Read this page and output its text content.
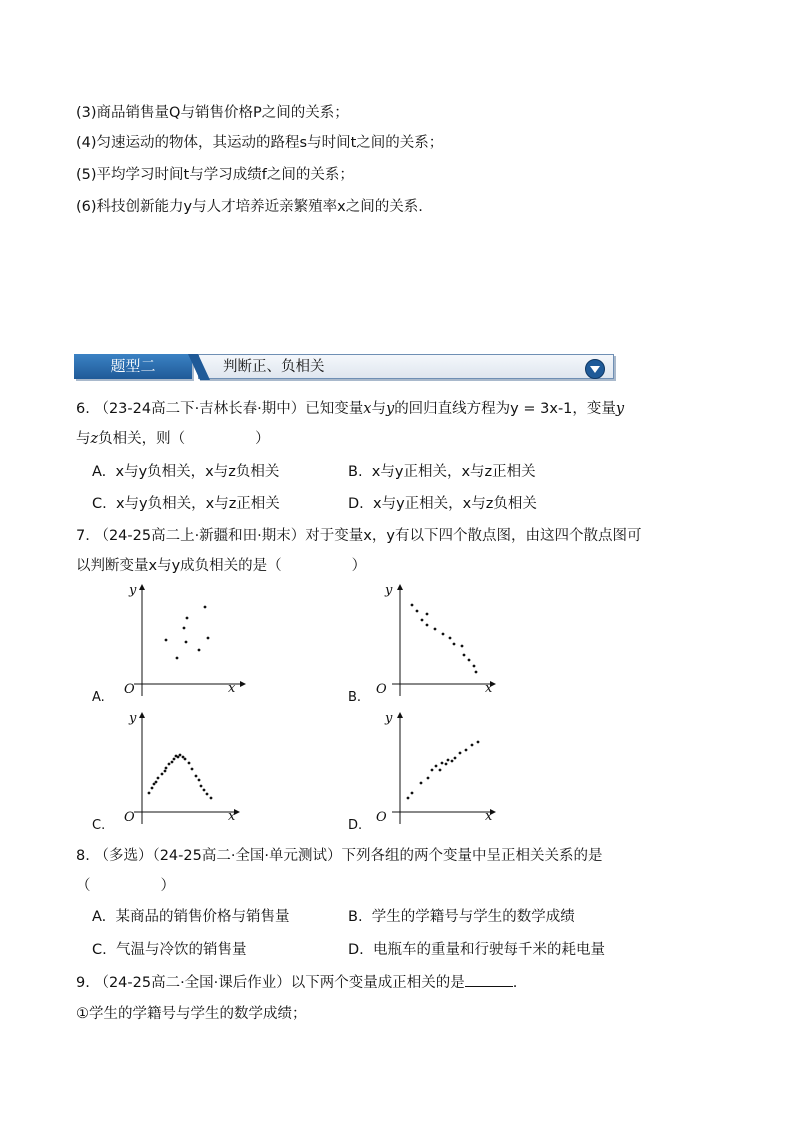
(3)商品销售量Q与销售价格P之间的关系；
(4)匀速运动的物体，其运动的路程s与时间t之间的关系；
(5)平均学习时间t与学习成绩f之间的关系；
(6)科技创新能力y与人才培养近亲繁殖率x之间的关系.
判断正、负相关
题型二
6. （23-24高二下·吉林长春·期中）已知变量x与y的回归直线方程为y = 3x-1，变量y
与z负相关，则（	）
A. x与y负相关，x与z负相关	B. x与y正相关，x与z正相关
C. x与y负相关，x与z正相关	D. x与y正相关，x与z负相关
7. （24-25高二上·新疆和田·期末）对于变量x，y有以下四个散点图，由这四个散点图可
以判断变量x与y成负相关的是（	）
y
x
O
A.
y
x
O
B.
y
x
O
C.
y
x
O
D.
8. （多选）（24-25高二·全国·单元测试）下列各组的两个变量中呈正相关关系的是
（	）
A. 某商品的销售价格与销售量	B. 学生的学籍号与学生的数学成绩
C. 气温与冷饮的销售量	D. 电瓶车的重量和行驶每千米的耗电量
9. （24-25高二·全国·课后作业）以下两个变量成正相关的是	.
①学生的学籍号与学生的数学成绩；
